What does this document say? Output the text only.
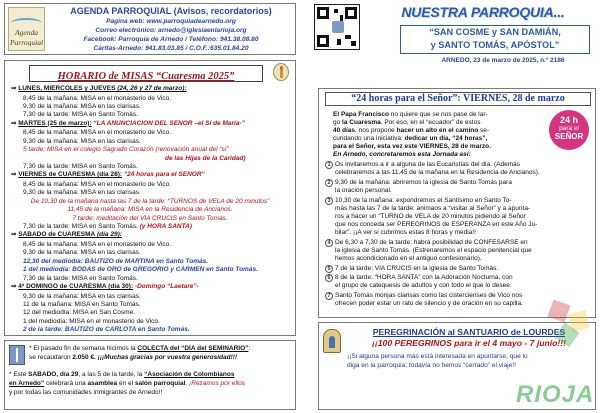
Agenda
Parroquial
AGENDA PARROQUIAL (Avisos, recordatorios)
Página web: www.parroquiadearnedo.org
Correo electrónico: arnedo@iglesiaenlarioja.org
Facebook: Parroquia de Arnedo / Teléfono: 941.38.08.80
Cáritas-Arnedo: 941.83.03.85 / C.O.F.:635.01.84.20
HORARIO de MISAS “Cuaresma 2025”
⇒ LUNES, MIÉRCOLES y JUEVES (24, 26 y 27 de marzo):
8,45 de la mañana: MISA en el monasterio de Vico.
9,30 de la mañana: MISA en las clarisas.
7,30 de la tarde: MISA en Santo Tomás.
⇒ MARTES (25 de marzo): “LA ANUNCIACIÓN DEL SEÑOR –el Sí de María-”
8,45 de la mañana: MISA en el monasterio de Vico.
9,30 de la mañana: MISA en las clarisas.
5 tarde: MISA en el colegio Sagrado Corazón (renovación anual del “sí”
de las Hijas de la Caridad)
7,30 de la tarde: MISA en Santo Tomás.
⇒ VIERNES de CUARESMA (día 28): “24 horas para el SEÑOR”
8,45 de la mañana: MISA en el monasterio de Vico.
9,30 de la mañana: MISA en las clarisas.
De 10,30 de la mañana hasta las 7 de la tarde: “TURNOS de VELA de 20 minutos”
11,45 de la mañana: MISA en la Residencia de Ancianos.
7 tarde: meditación del VÍA CRUCIS en Santo Tomás.
7,30 de la tarde: MISA en Santo Tomás. (y HORA SANTA)
⇒ SÁBADO de CUARESMA (día 29):
8,45 de la mañana: MISA en el monasterio de Vico.
9,30 de la mañana: MISA en las clarisas.
12,30 del mediodía: BAUTIZO de MARTINA en Santo Tomás.
1 del mediodía: BODAS de ORO de GREGORIO y CARMEN en Santo Tomás.
7,30 de la tarde: MISA en Santo Tomás.
⇒ 4ª DOMINGO de CUARESMA (día 30): -Domingo “Laetare”-
9,30 de la mañana: MISA en las clarisas.
11 de la mañana: MISA en Santo Tomás.
12 del mediodía: MISA en San Cosme.
1 del mediodía: MISA en el monasterio de Vico.
2 de la tarde: BAUTIZO de CARLOTA en Santo Tomás.
* El pasado fin de semana hicimos la COLECTA del “DÍA del SEMINARIO”:
se recaudaron 2.050 €. ¡¡¡Muchas gracias por vuestra generosidad!!!
* Este SÁBADO, día 29, a las 5 de la tarde, la “Asociación de Colombianos
en Arnedo” celebrará una asamblea en el salón parroquial. ¡Rezamos por ellos
y por todas las comunidades inmigrantes de Arnedo!!
NUESTRA PARROQUIA...
“SAN COSME y SAN DAMIÁN,
y SANTO TOMÁS, APÓSTOL”
ARNEDO, 23 de marzo de 2025, n.º 2186
“24 horas para el Señor”: VIERNES, 28 de marzo
24 h
para el
SEÑOR
El Papa Francisco no quiere que se nos pase de lar-
go la Cuaresma. Por eso, en el “ecuador” de estos
40 días, nos propone hacer un alto en el camino se-
cundando una iniciativa: dedicar un día, “24 horas”,
para el Señor, esta vez este VIERNES, 28 de marzo.
En Arnedo, concretaremos esta Jornada así:
1 Os invitaremos a ir a alguna de las Eucaristías del día. (Además
celebraremos a las 11,45 de la mañana en la Residencia de Ancianos).
2 9,30 de la mañana: abriremos la iglesia de Santo Tomás para
la oración personal.
3 10,30 de la mañana: expondremos el Santísimo en Santo To-
más hasta las 7 de la tarde: animaos a “visitar al Señor” y a apunta-
ros a hacer un “TURNO de VELA de 20 minutos pidiendo al Señor
que nos conceda ser PEREGRINOS de ESPERANZA en este Año Ju-
bilar”. ¡¡A ver si cubrimos estas 8 horas y media!!
4 De 6,30 a 7,30 de la tarde: habrá posibilidad de CONFESARSE en
la iglesia de Santo Tomás. (Estrenaremos el espacio penitencial que
hemos acondicionado en el antiguo confesionario).
5 7 de la tarde: VÍA CRUCIS en la iglesia de Santo Tomás.
6 8 de la tarde: “HORA SANTA” con la Adoración Nocturna, con
el grupo de catequesis de adultos y con todo el que lo desee.
7 Santo Tomás monjas clarisas como las cistercienses de Vico nos
ofrecen poder estar un rato de silencio y de oración en su capilla.
PEREGRINACIÓN al SANTUARIO de LOURDES
¡¡100 PEREGRINOS para ir el 4 mayo - 7 junio!!!
¡¡Si alguna persona más está interesada en apuntarse, que lo
diga en la parroquia; todavía no hemos “cerrado” el viaje!!
RIOJA
